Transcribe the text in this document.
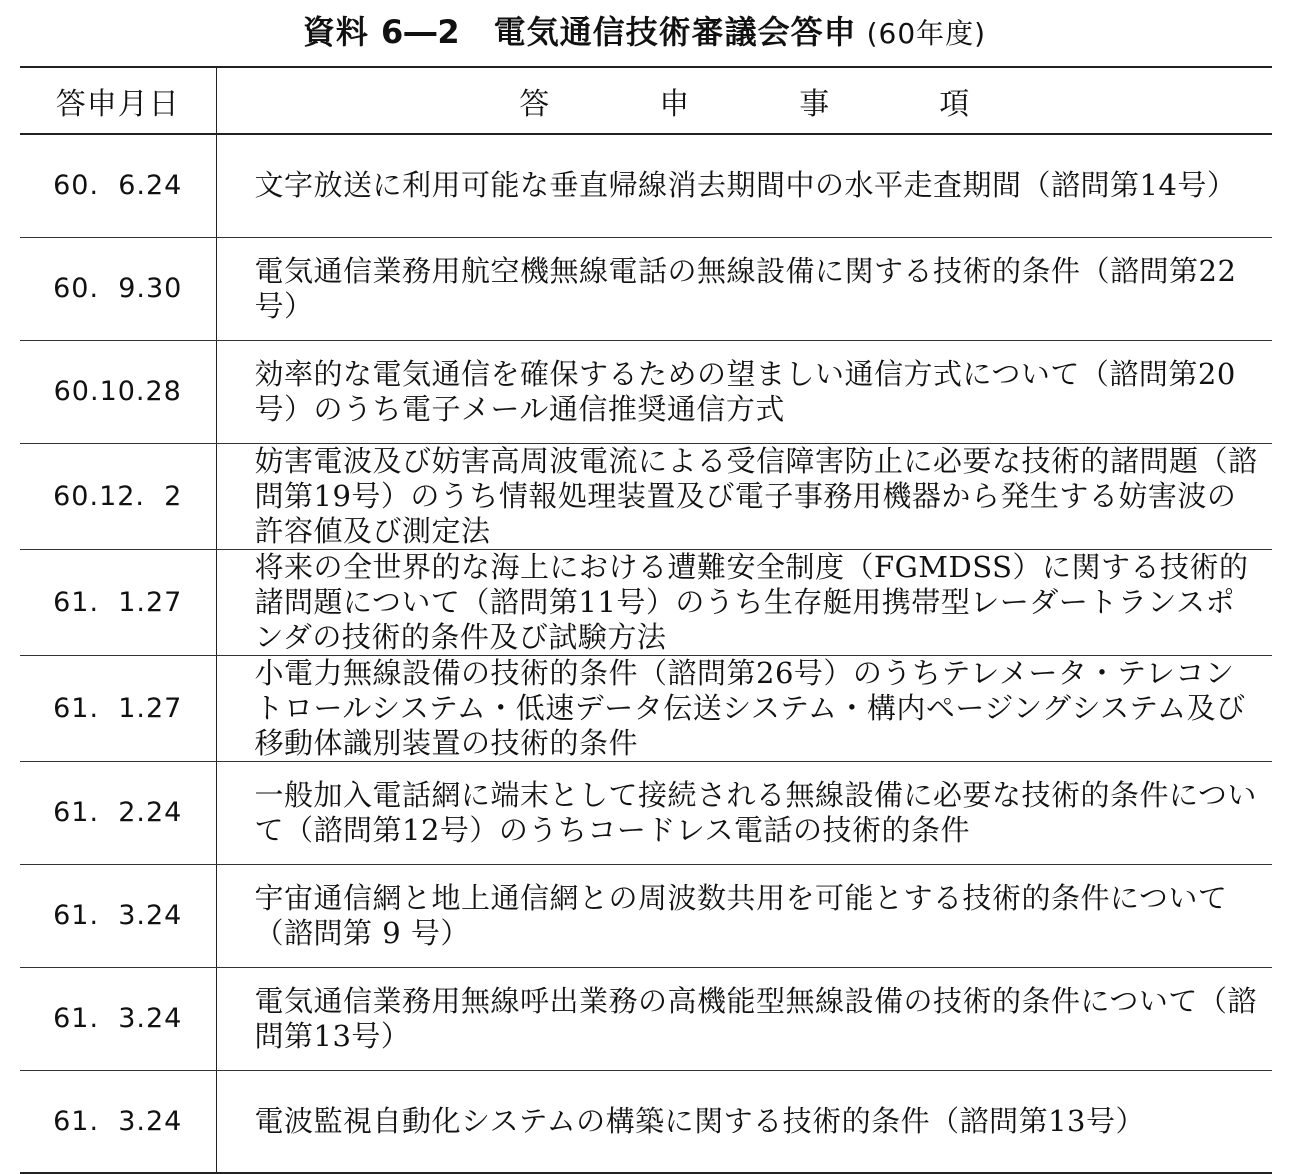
資料 6―2　電気通信技術審議会答申 (60年度)
答申月日	答申事項
60.  6.24	文字放送に利用可能な垂直帰線消去期間中の水平走査期間（諮問第14号）
60.  9.30	電気通信業務用航空機無線電話の無線設備に関する技術的条件（諮問第22号）
60.10.28	効率的な電気通信を確保するための望ましい通信方式について（諮問第20号）のうち電子メール通信推奨通信方式
60.12.  2	妨害電波及び妨害高周波電流による受信障害防止に必要な技術的諸問題（諮問第19号）のうち情報処理装置及び電子事務用機器から発生する妨害波の許容値及び測定法
61.  1.27	将来の全世界的な海上における遭難安全制度（FGMDSS）に関する技術的諸問題について（諮問第11号）のうち生存艇用携帯型レーダートランスポンダの技術的条件及び試験方法
61.  1.27	小電力無線設備の技術的条件（諮問第26号）のうちテレメータ・テレコントロールシステム・低速データ伝送システム・構内ページングシステム及び移動体識別装置の技術的条件
61.  2.24	一般加入電話網に端末として接続される無線設備に必要な技術的条件について（諮問第12号）のうちコードレス電話の技術的条件
61.  3.24	宇宙通信網と地上通信網との周波数共用を可能とする技術的条件について（諮問第 9 号）
61.  3.24	電気通信業務用無線呼出業務の高機能型無線設備の技術的条件について（諮問第13号）
61.  3.24	電波監視自動化システムの構築に関する技術的条件（諮問第13号）
